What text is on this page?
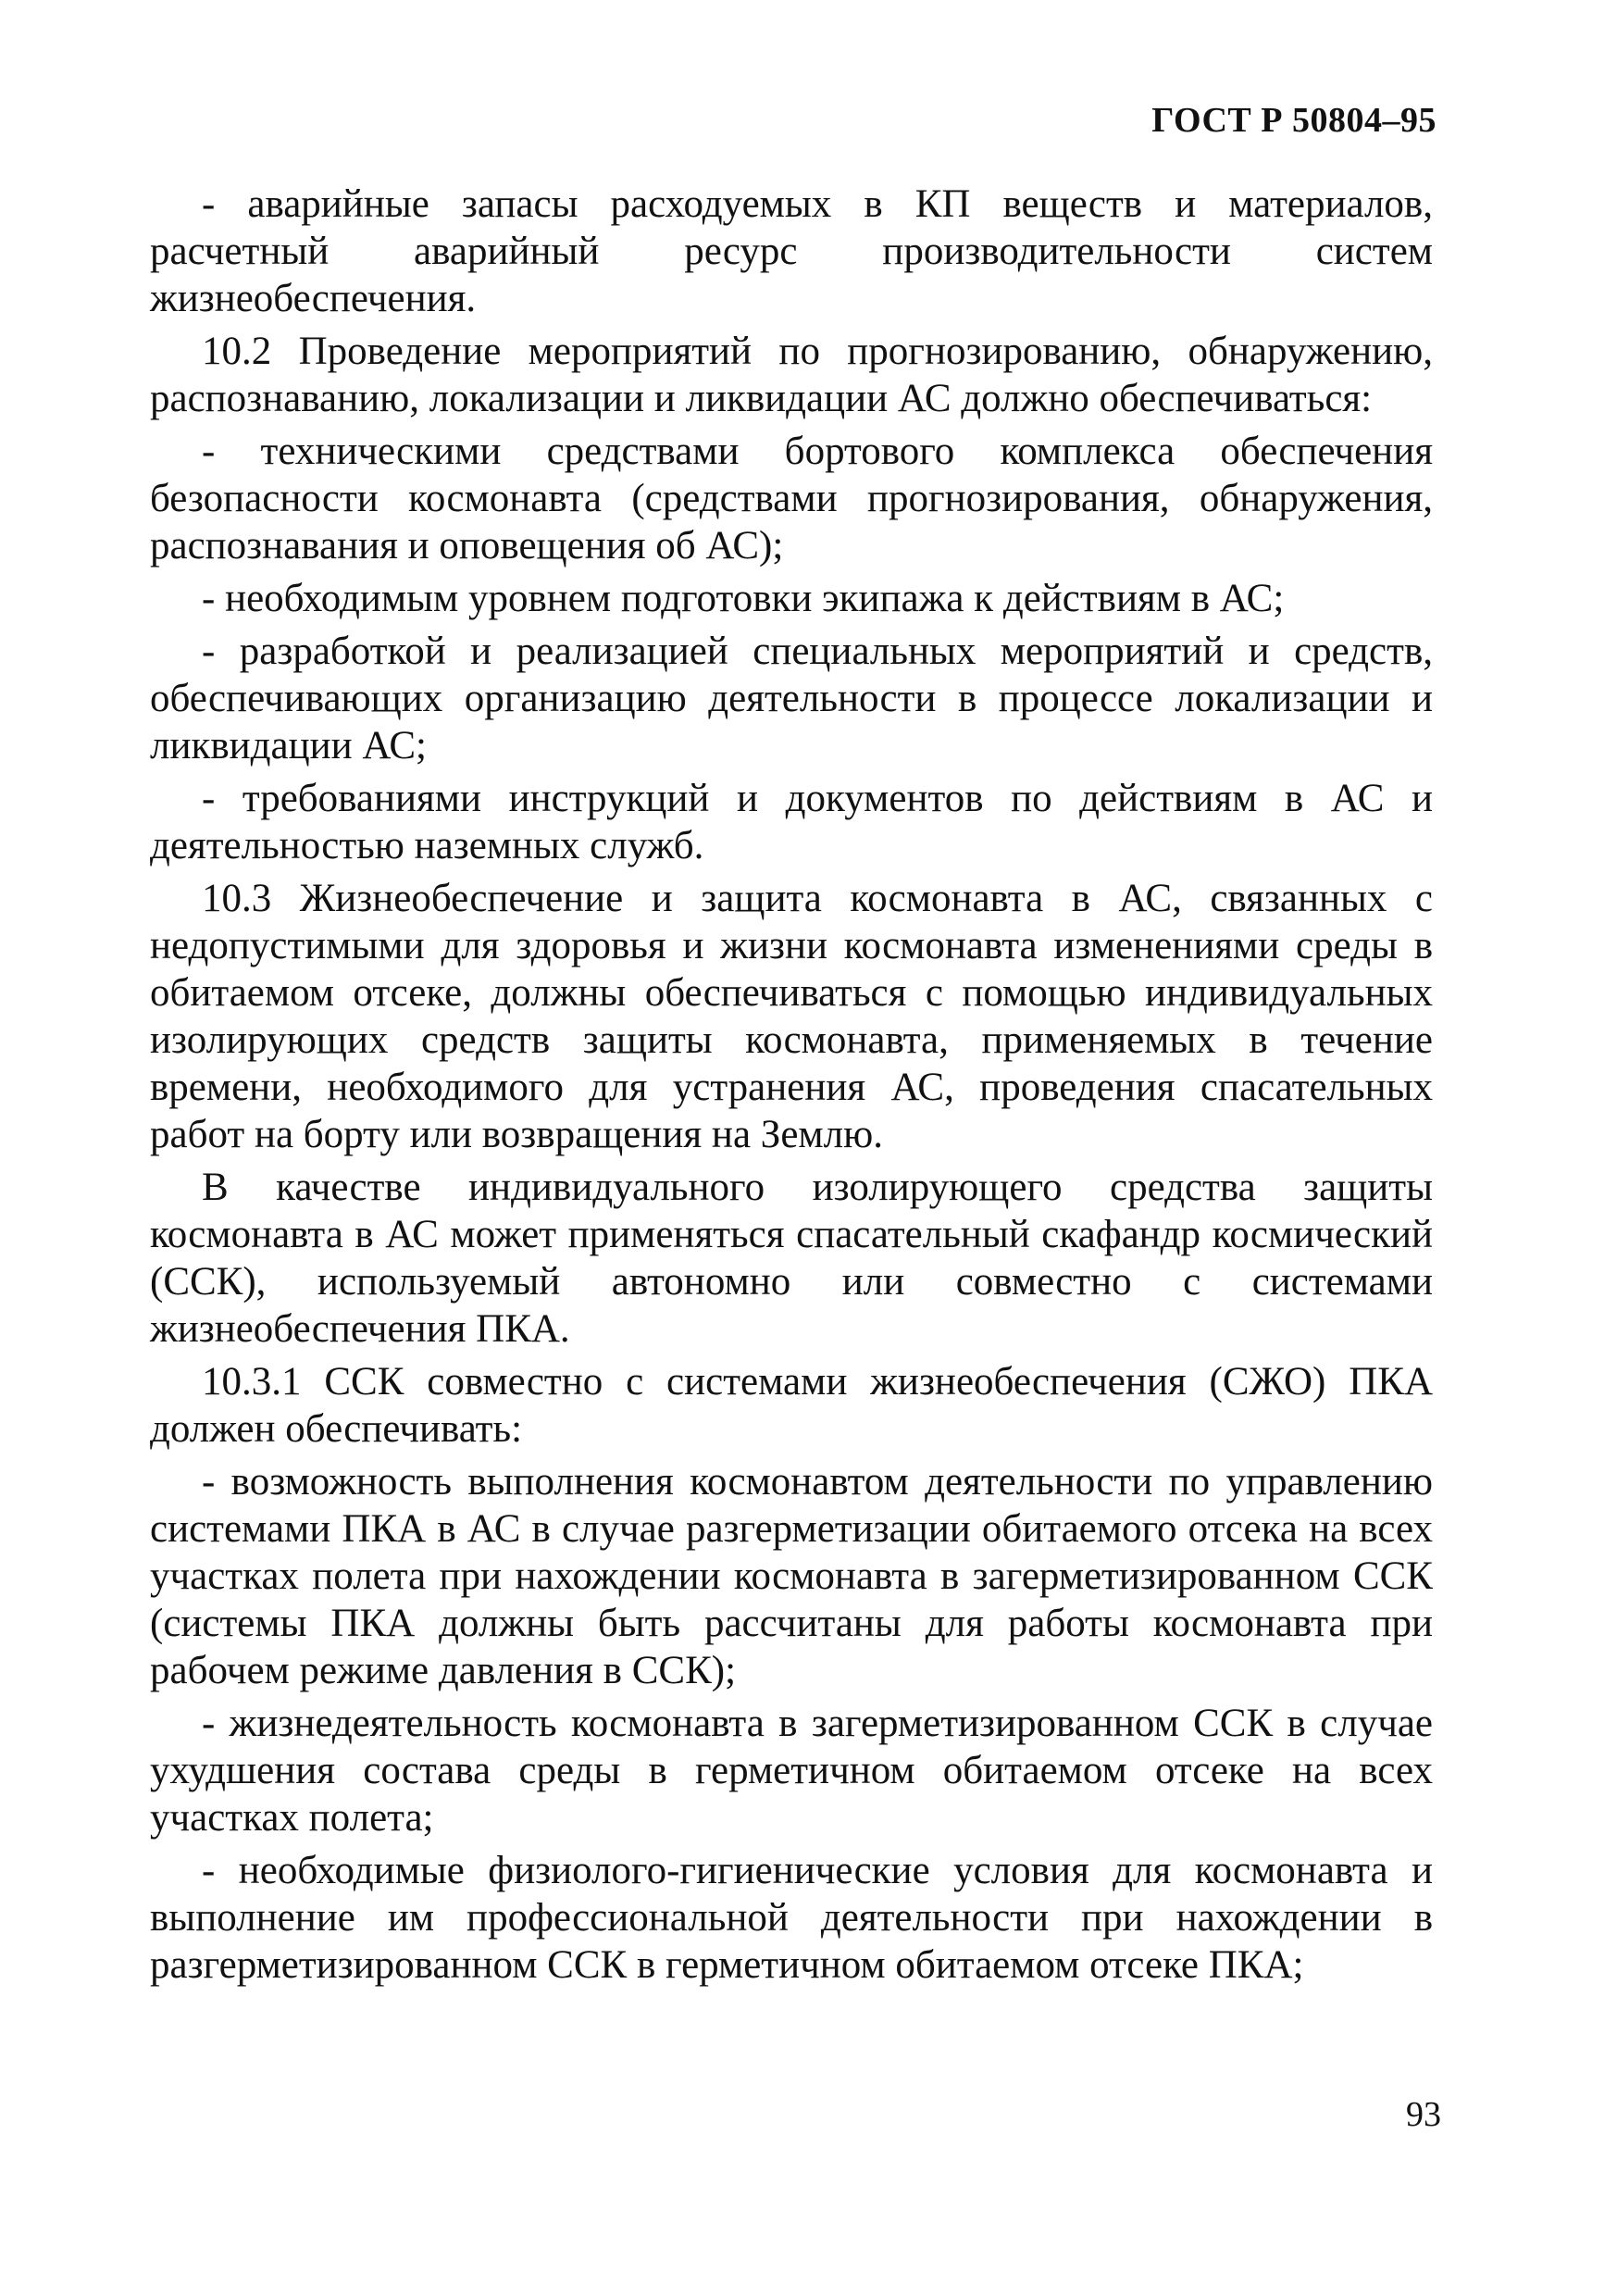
ГОСТ Р 50804–95

- аварийные запасы расходуемых в КП веществ и материалов, расчетный аварийный ресурс производительности систем жизнеобеспечения.

10.2 Проведение мероприятий по прогнозированию, обнаружению, распознаванию, локализации и ликвидации АС должно обеспечиваться:

- техническими средствами бортового комплекса обеспечения безопасности космонавта (средствами прогнозирования, обнаружения, распознавания и оповещения об АС);

- необходимым уровнем подготовки экипажа к действиям в АС;

- разработкой и реализацией специальных мероприятий и средств, обеспечивающих организацию деятельности в процессе локализации и ликвидации АС;

- требованиями инструкций и документов по действиям в АС и деятельностью наземных служб.

10.3 Жизнеобеспечение и защита космонавта в АС, связанных с недопустимыми для здоровья и жизни космонавта изменениями среды в обитаемом отсеке, должны обеспечиваться с помощью индивидуальных изолирующих средств защиты космонавта, применяемых в течение времени, необходимого для устранения АС, проведения спасательных работ на борту или возвращения на Землю.

В качестве индивидуального изолирующего средства защиты космонавта в АС может применяться спасательный скафандр космический (ССК), используемый автономно или совместно с системами жизнеобеспечения ПКА.

10.3.1 ССК совместно с системами жизнеобеспечения (СЖО) ПКА должен обеспечивать:

- возможность выполнения космонавтом деятельности по управлению системами ПКА в АС в случае разгерметизации обитаемого отсека на всех участках полета при нахождении космонавта в загерметизированном ССК (системы ПКА должны быть рассчитаны для работы космонавта при рабочем режиме давления в ССК);

- жизнедеятельность космонавта в загерметизированном ССК в случае ухудшения состава среды в герметичном обитаемом отсеке на всех участках полета;

- необходимые физиолого-гигиенические условия для космонавта и выполнение им профессиональной деятельности при нахождении в разгерметизированном ССК в герметичном обитаемом отсеке ПКА;

93
